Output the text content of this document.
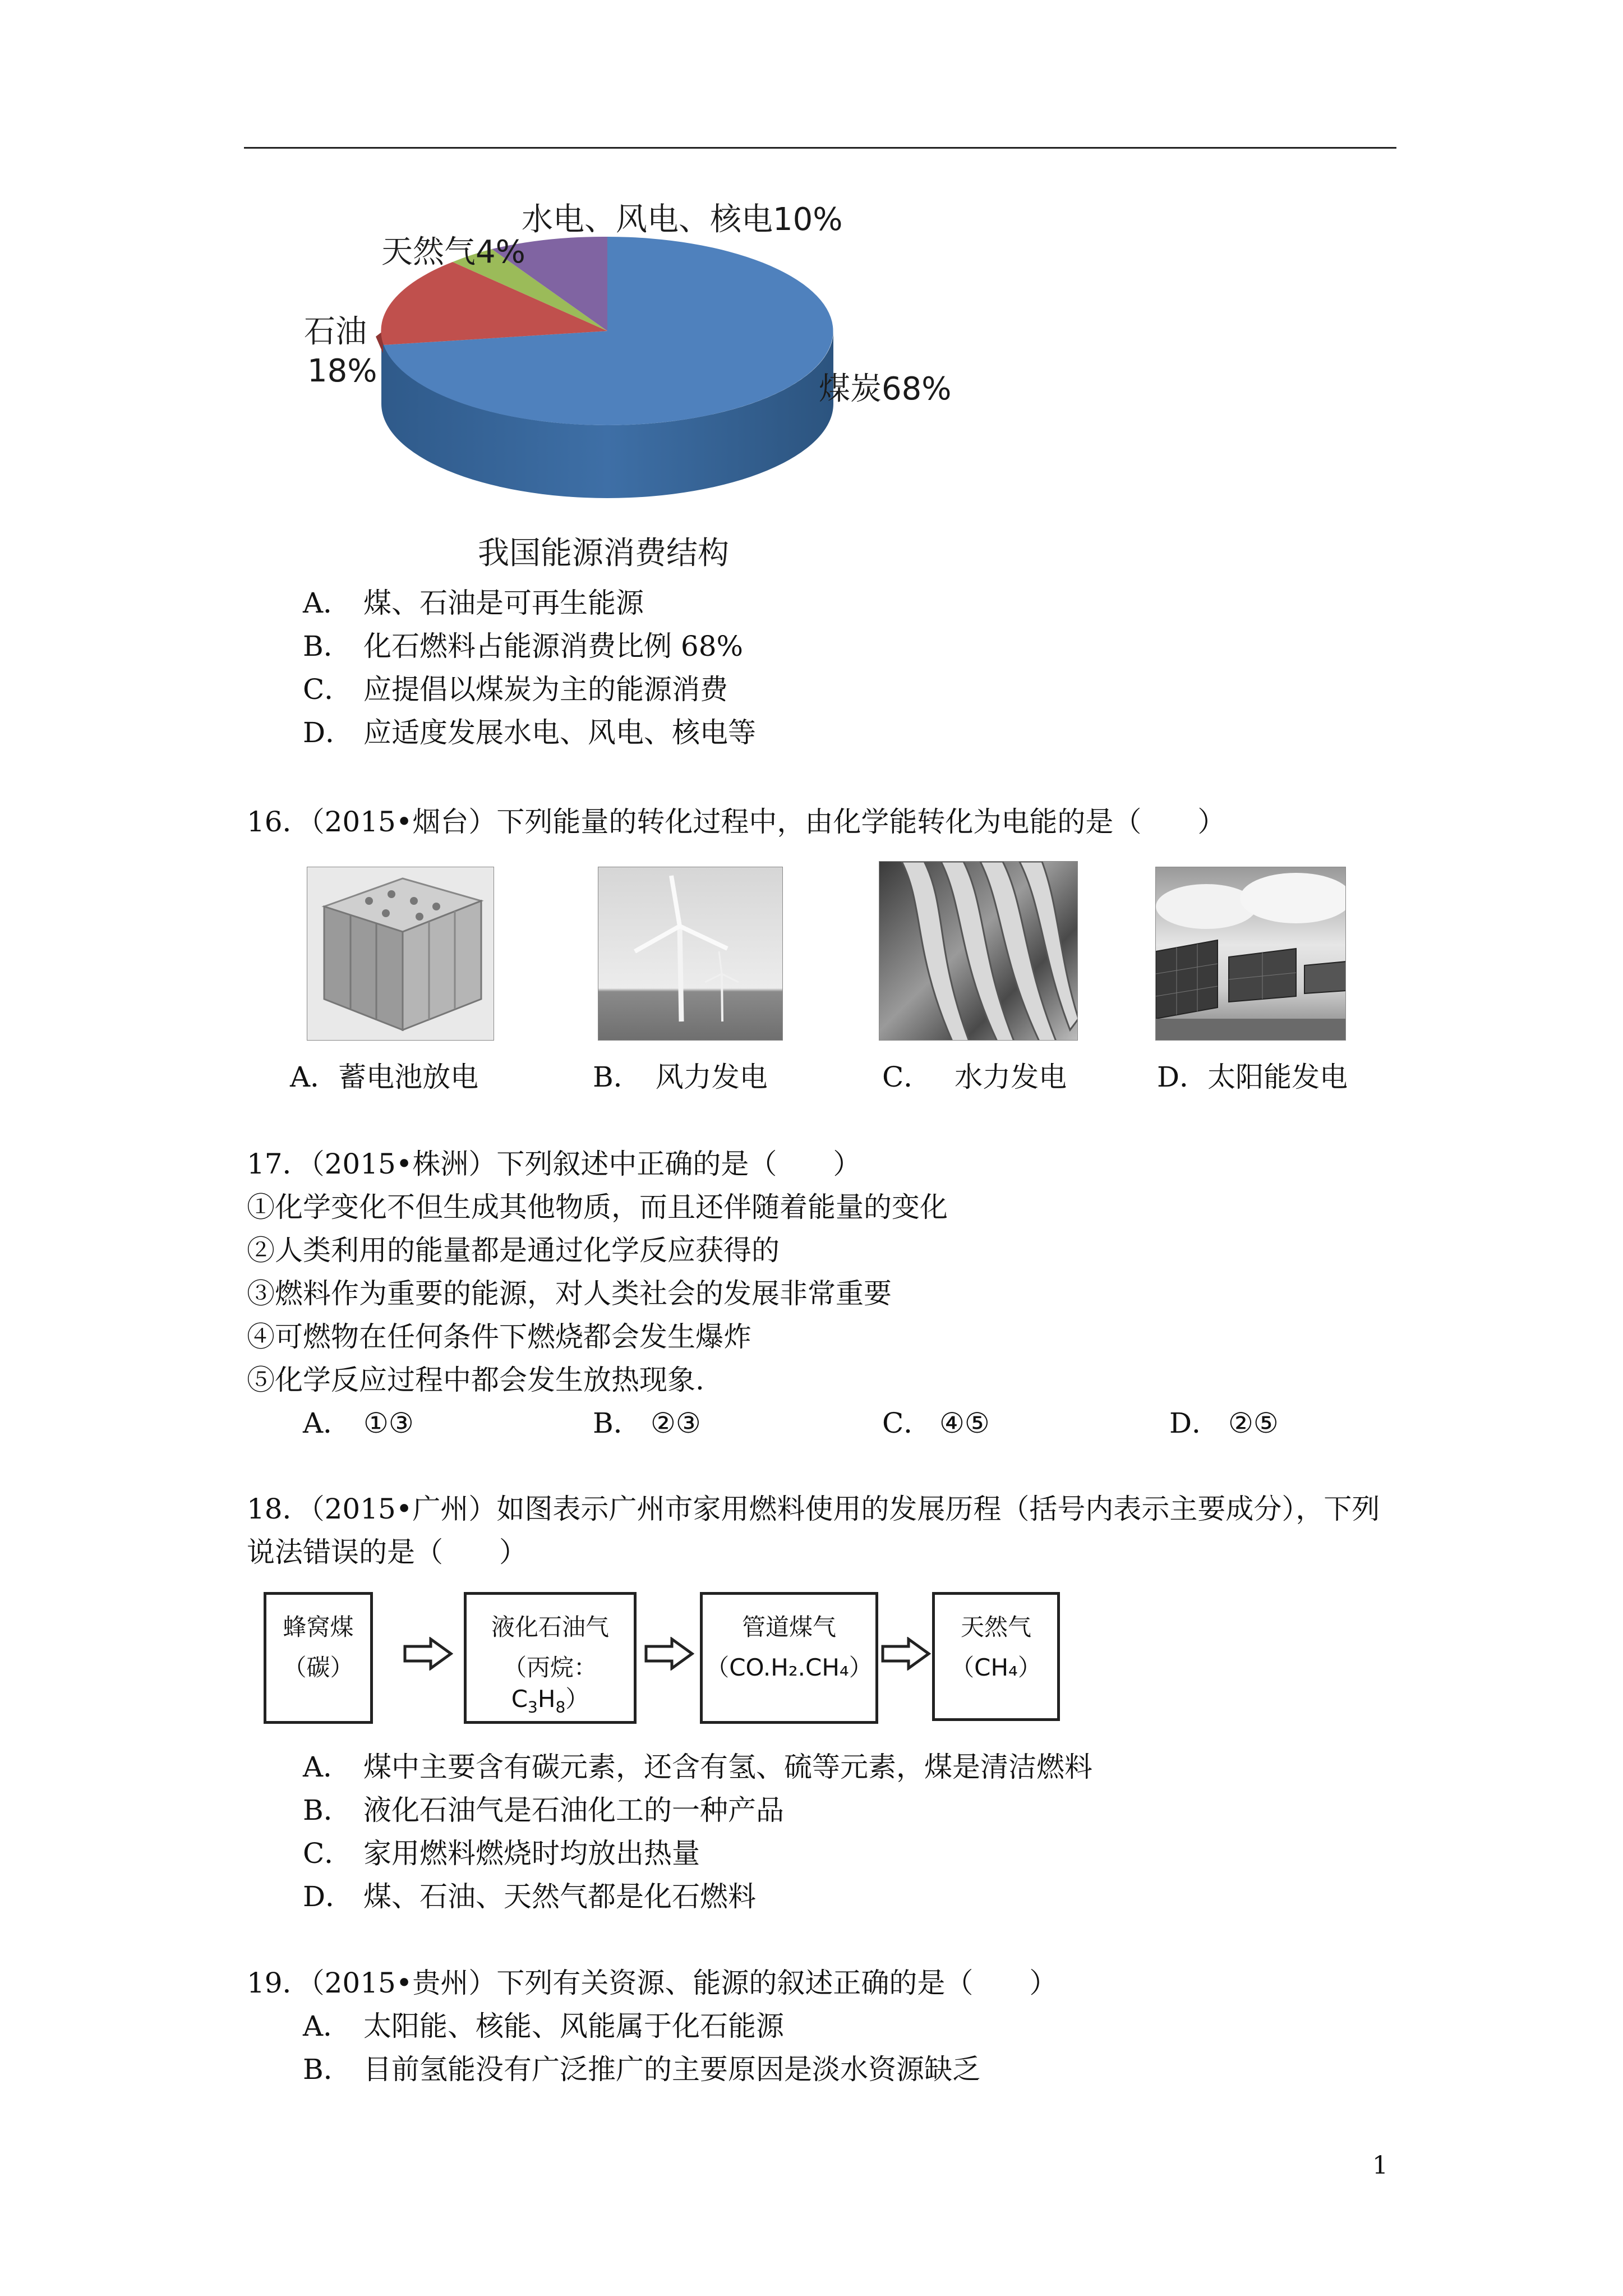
水电、风电、核电10%
天然气4%
石油
18%	煤炭68%
我国能源消费结构
A． 煤、石油是可再生能源
B． 化石燃料占能源消费比例 68%
C． 应提倡以煤炭为主的能源消费
D． 应适度发展水电、风电、核电等
16．（2015•烟台）下列能量的转化过程中，由化学能转化为电能的是（　　）
A．蓄电池放电	B．　风力发电	C．　 水力发电	D．太阳能发电
17．（2015•株洲）下列叙述中正确的是（　　）
①化学变化不但生成其他物质，而且还伴随着能量的变化
②人类利用的能量都是通过化学反应获得的
③燃料作为重要的能源，对人类社会的发展非常重要
④可燃物在任何条件下燃烧都会发生爆炸
⑤化学反应过程中都会发生放热现象.
A． ①③	B． ②③	C． ④⑤	D． ②⑤
18．（2015•广州）如图表示广州市家用燃料使用的发展历程（括号内表示主要成分），下列
说法错误的是（　　）
蜂窝煤
（碳）
液化石油气
（丙烷：$C_3H_8$）
管道煤气
（CO.H₂.CH₄）
天然气
（CH₄）
A． 煤中主要含有碳元素，还含有氢、硫等元素，煤是清洁燃料
B． 液化石油气是石油化工的一种产品
C． 家用燃料燃烧时均放出热量
D． 煤、石油、天然气都是化石燃料
19．（2015•贵州）下列有关资源、能源的叙述正确的是（　　）
A． 太阳能、核能、风能属于化石能源
B． 目前氢能没有广泛推广的主要原因是淡水资源缺乏
1
